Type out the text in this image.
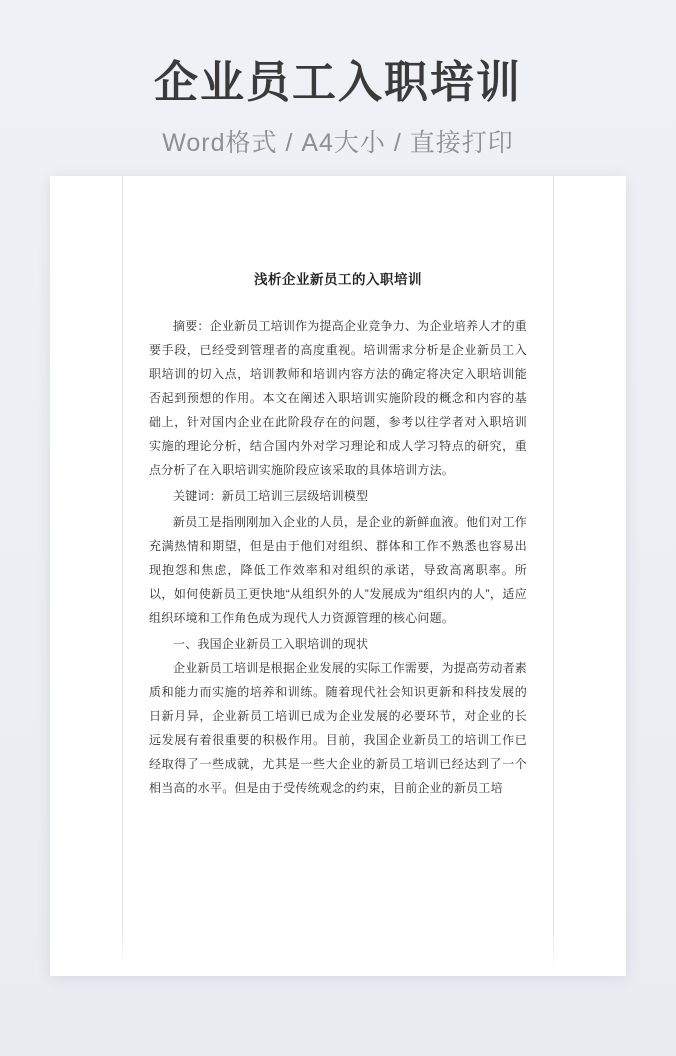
企业员工入职培训
Word格式 / A4大小 / 直接打印
浅析企业新员工的入职培训

摘要：企业新员工培训作为提高企业竞争力、为企业培养人才的重要手段，已经受到管理者的高度重视。培训需求分析是企业新员工入职培训的切入点，培训教师和培训内容方法的确定将决定入职培训能否起到预想的作用。本文在阐述入职培训实施阶段的概念和内容的基础上，针对国内企业在此阶段存在的问题，参考以往学者对入职培训实施的理论分析，结合国内外对学习理论和成人学习特点的研究，重点分析了在入职培训实施阶段应该采取的具体培训方法。

关键词：新员工培训三层级培训模型

新员工是指刚刚加入企业的人员，是企业的新鲜血液。他们对工作充满热情和期望，但是由于他们对组织、群体和工作不熟悉也容易出现抱怨和焦虑，降低工作效率和对组织的承诺，导致高离职率。所以，如何使新员工更快地“从组织外的人”发展成为“组织内的人”，适应组织环境和工作角色成为现代人力资源管理的核心问题。

一、我国企业新员工入职培训的现状

企业新员工培训是根据企业发展的实际工作需要，为提高劳动者素质和能力而实施的培养和训练。随着现代社会知识更新和科技发展的日新月异，企业新员工培训已成为企业发展的必要环节，对企业的长远发展有着很重要的积极作用。目前，我国企业新员工的培训工作已经取得了一些成就，尤其是一些大企业的新员工培训已经达到了一个相当高的水平。但是由于受传统观念的约束，目前企业的新员工培
